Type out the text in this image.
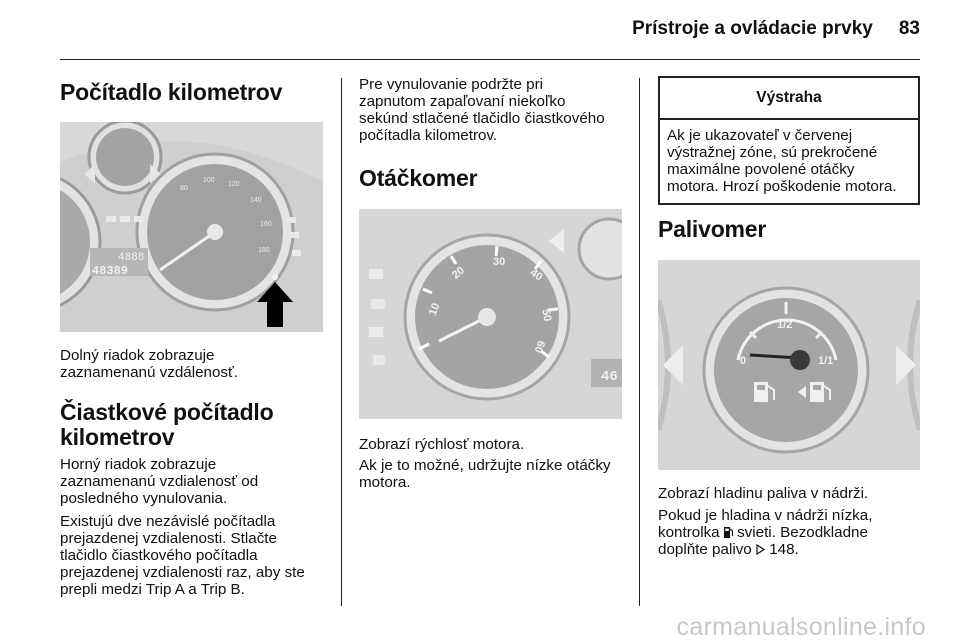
Prístroje a ovládacie prvky 83
Počítadlo kilometrov
80
100
120
140
160
180
4888
48389

Dolný riadok zobrazuje
zaznamenanú vzdálenosť.

Čiastkové počítadlo
kilometrov

Horný riadok zobrazuje
zaznamenanú vzdialenosť od
posledného vynulovania.

Existujú dve nezávislé počítadla
prejazdenej vzdialenosti. Stlačte
tlačidlo čiastkového počítadla
prejazdenej vzdialenosti raz, aby ste
prepli medzi Trip A a Trip B.

Pre vynulovanie podržte pri
zapnutom zapaľovaní niekoľko
sekúnd stlačené tlačidlo čiastkového
počítadla kilometrov.

Otáčkomer
46
10
20
30
40
50
60

Zobrazí rýchlosť motora.

Ak je to možné, udržujte nízke otáčky
motora.

Výstraha
Ak je ukazovateľ v červenej
výstražnej zóne, sú prekročené
maximálne povolené otáčky
motora. Hrozí poškodenie motora.
Palivomer
0
1/2
1/1

Zobrazí hladinu paliva v nádrži.

Pokud je hladina v nádrži nízka,
kontrolka  svieti. Bezodkladne
doplňte palivo  148.

carmanualsonline.info
